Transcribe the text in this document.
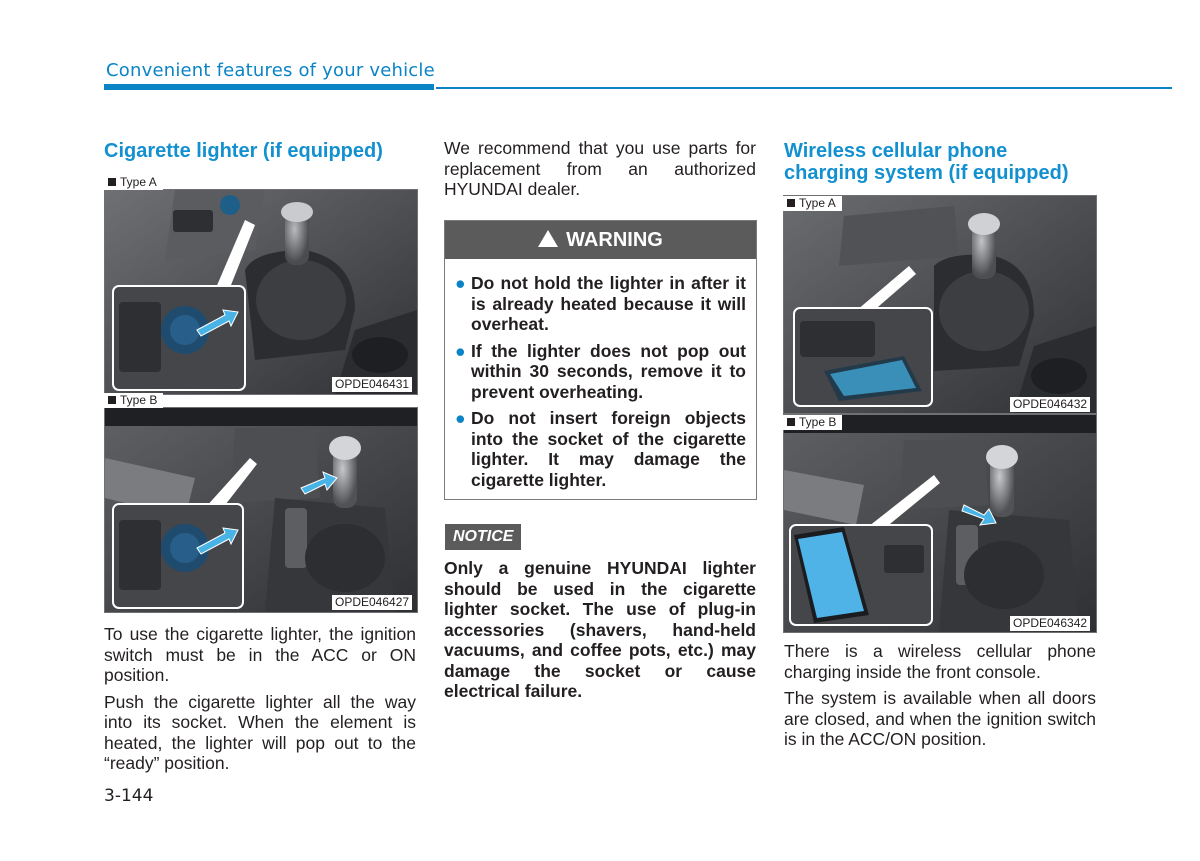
Convenient features of your vehicle
Cigarette lighter (if equipped)
Type A
OPDE046431
Type B
OPDE046427

To use the cigarette lighter, the ignition switch must be in the ACC or ON position.

Push the cigarette lighter all the way into its socket. When the element is heated, the lighter will pop out to the “ready” position.

We recommend that you use parts for replacement from an authorized HYUNDAI dealer.
!WARNING
● Do not hold the lighter in after it is already heated because it will overheat.
● If the lighter does not pop out within 30 seconds, remove it to prevent overheating.
● Do not insert foreign objects into the socket of the cigarette lighter. It may damage the cigarette lighter.
NOTICE
Only a genuine HYUNDAI lighter should be used in the cigarette lighter socket. The use of plug-in accessories (shavers, hand-held vacuums, and coffee pots, etc.) may damage the socket or cause electrical failure.
Wireless cellular phone charging system (if equipped)
Type A
OPDE046432
Type B
OPDE046342

There is a wireless cellular phone charging inside the front console.

The system is available when all doors are closed, and when the ignition switch is in the ACC/ON position.

3-144
